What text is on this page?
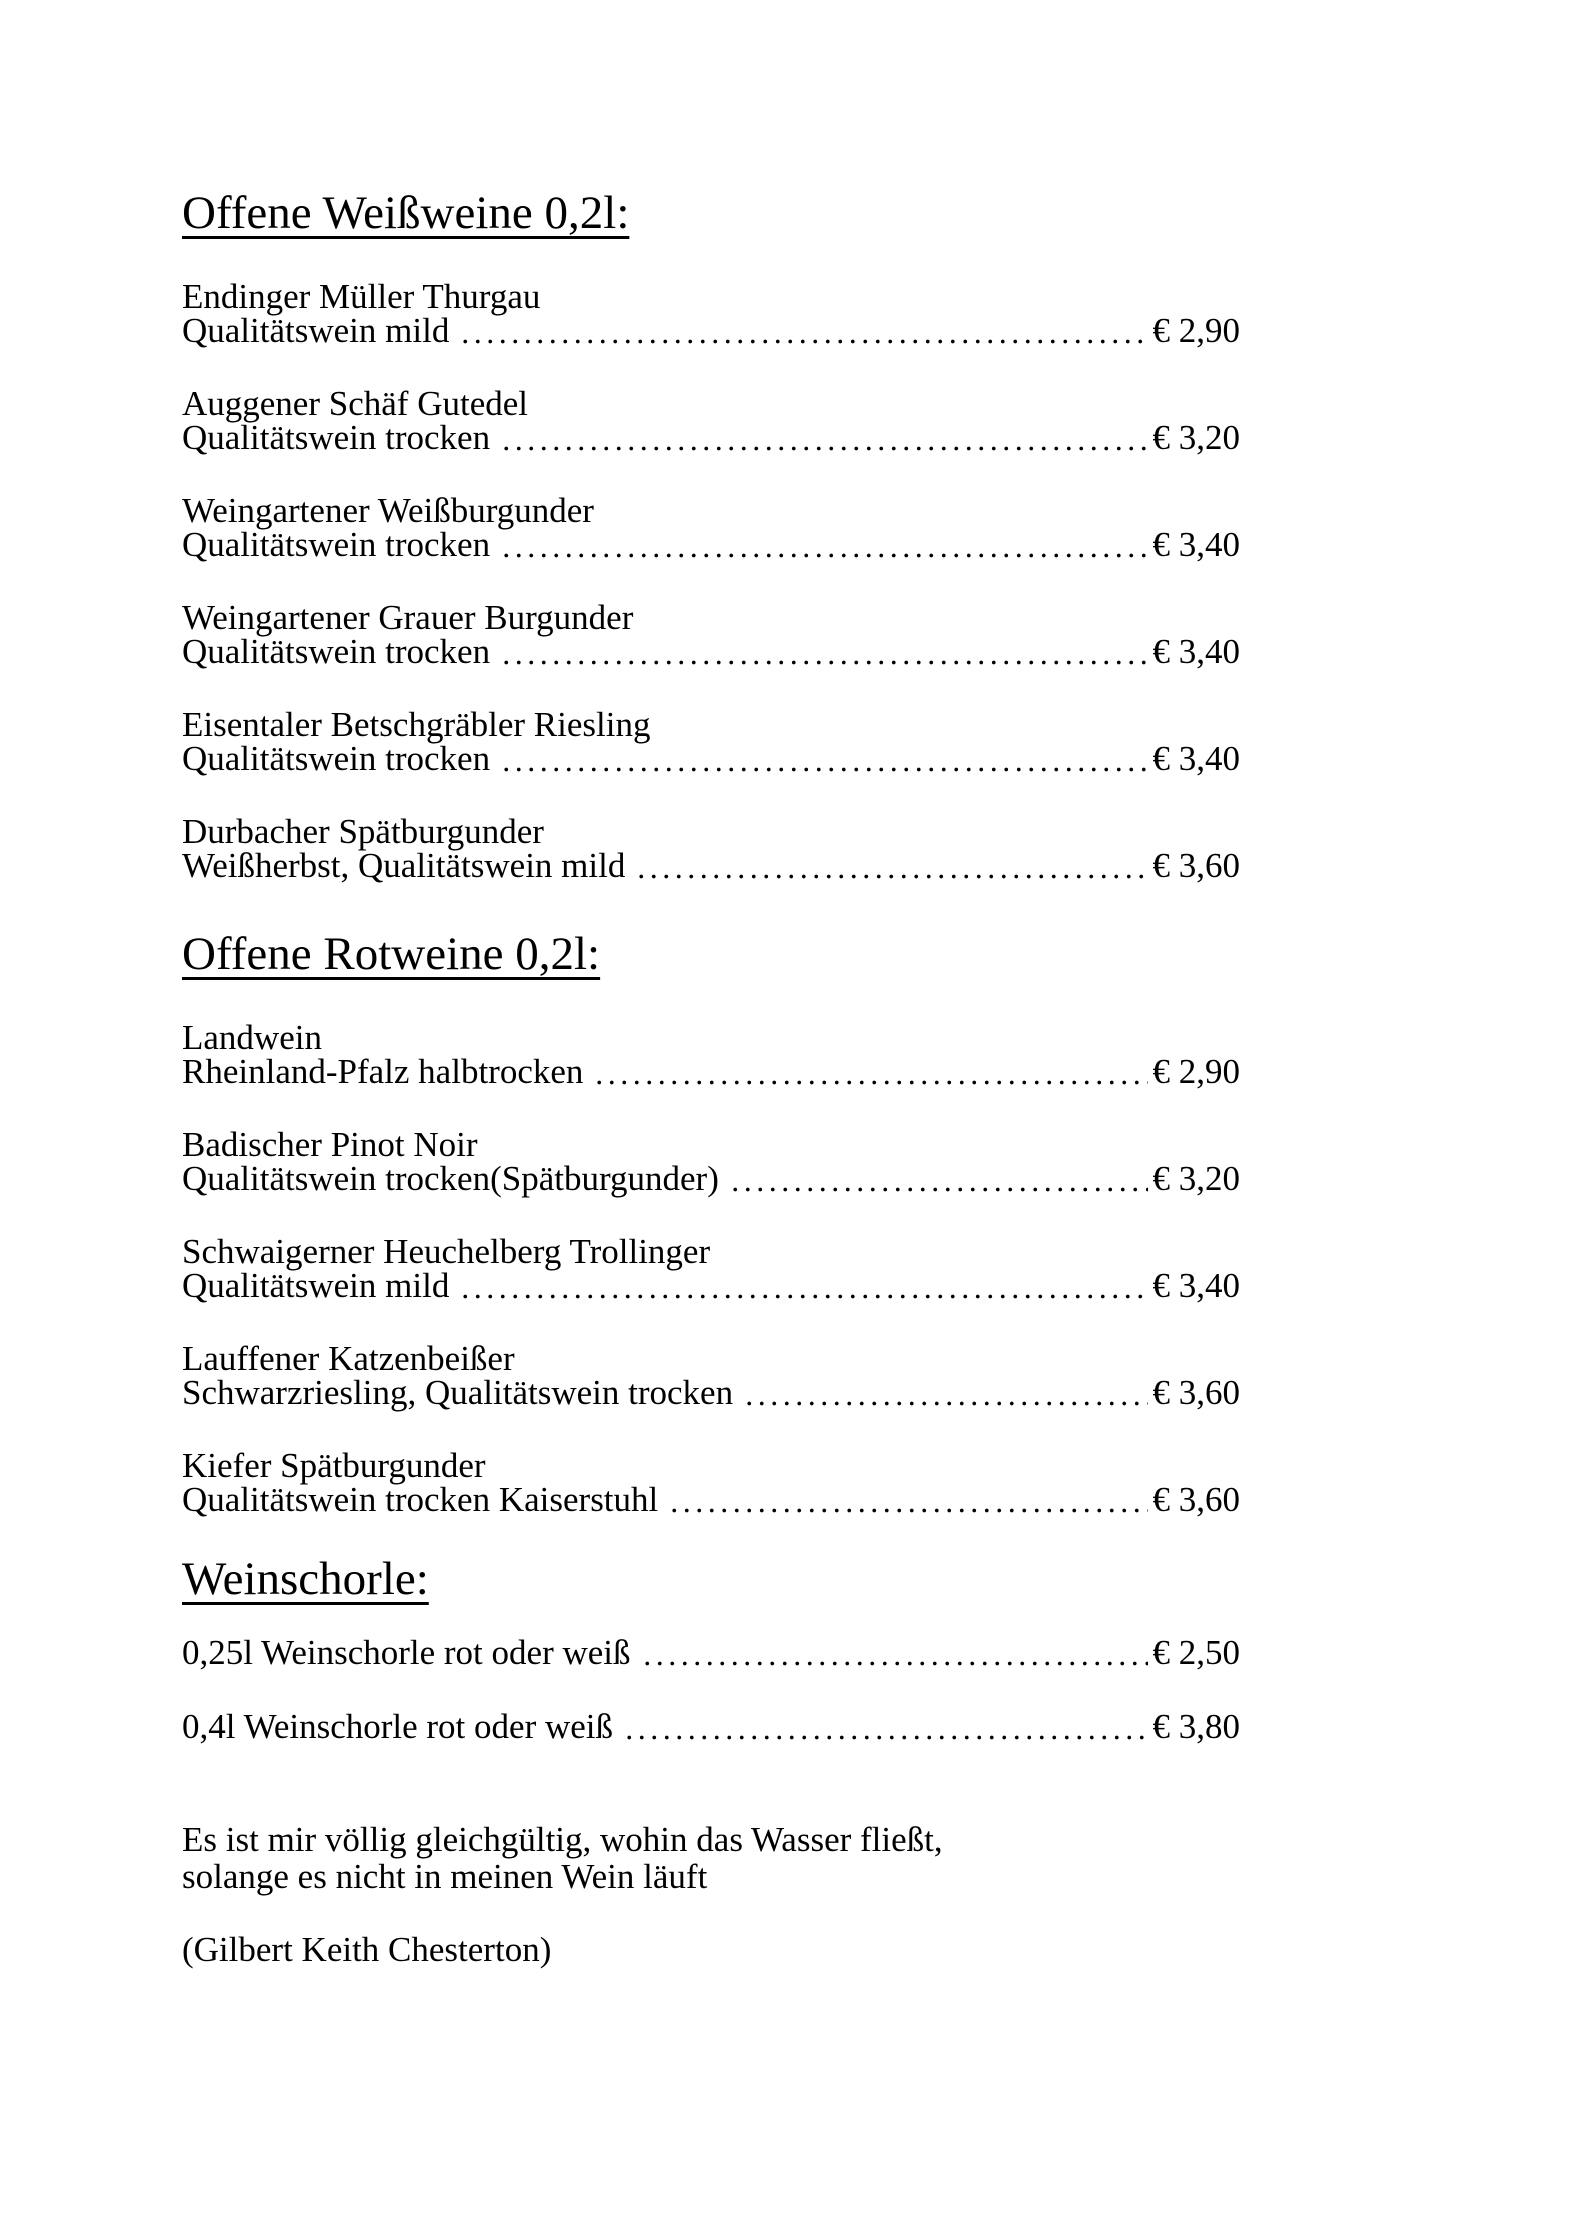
Offene Weißweine 0,2l:
Endinger Müller Thurgau
Qualitätswein mild	€ 2,90
Auggener Schäf Gutedel
Qualitätswein trocken	€ 3,20
Weingartener Weißburgunder
Qualitätswein trocken	€ 3,40
Weingartener Grauer Burgunder
Qualitätswein trocken	€ 3,40
Eisentaler Betschgräbler Riesling
Qualitätswein trocken	€ 3,40
Durbacher Spätburgunder
Weißherbst, Qualitätswein mild	€ 3,60
Offene Rotweine 0,2l:
Landwein
Rheinland-Pfalz halbtrocken	€ 2,90
Badischer Pinot Noir
Qualitätswein trocken(Spätburgunder)	€ 3,20
Schwaigerner Heuchelberg Trollinger
Qualitätswein mild	€ 3,40
Lauffener Katzenbeißer
Schwarzriesling, Qualitätswein trocken	€ 3,60
Kiefer Spätburgunder
Qualitätswein trocken Kaiserstuhl	€ 3,60
Weinschorle:
0,25l Weinschorle rot oder weiß	€ 2,50
0,4l Weinschorle rot oder weiß	€ 3,80
Es ist mir völlig gleichgültig, wohin das Wasser fließt,
solange es nicht in meinen Wein läuft
(Gilbert Keith Chesterton)
